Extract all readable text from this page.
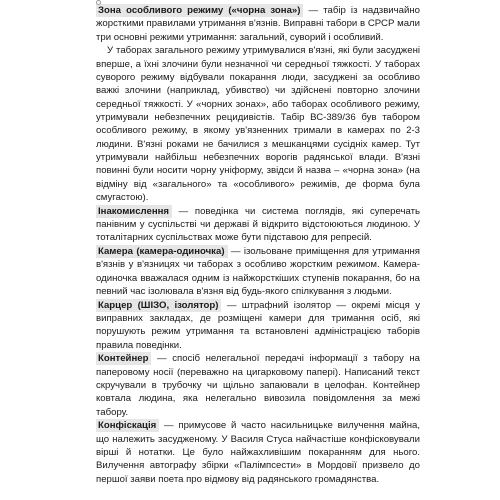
Зона особливого режиму («чорна зона») — табір із надзвичайно жорсткими правилами утримання в'язнів. Виправні табори в СРСР мали три основні режими утримання: загальний, суворий і особливий.

У таборах загального режиму утримувалися в'язні, які були засуджені вперше, а їхні злочини були незначної чи середньої тяжкості. У таборах суворого режиму відбували покарання люди, засуджені за особливо важкі злочини (наприклад, убивство) чи здійснені повторно злочини середньої тяжкості. У «чорних зонах», або таборах особливого режиму, утримували небезпечних рецидивістів. Табір ВС-389/36 був табором особливого режиму, в якому ув'язненних тримали в камерах по 2-3 людини. В'язні роками не бачилися з мешканцями сусідніх камер. Тут утримували найбільш небезпечних ворогів радянської влади. В'язні повинні були носити чорну уніформу, звідси й назва – «чорна зона» (на відміну від «загального» та «особливого» режимів, де форма була смугастою).

Інакомислення — поведінка чи система поглядів, які суперечать панівним у суспільстві чи державі й відкрито відстоюються людиною. У тоталітарних суспільствах може бути підставою для репресій.

Камера (камера-одиночка) — ізольоване приміщення для утримання в'язнів у в'язницях чи таборах з особливо жорстким режимом. Камера-одиночка вважалася одним із найжорсткіших ступенів покарання, бо на певний час ізолювала в'язня від будь-якого спілкування з людьми.

Карцер (ШІЗО, ізолятор) — штрафний ізолятор — окремі місця у виправних закладах, де розміщені камери для тримання осіб, які порушують режим утримання та встановлені адміністрацією таборів правила поведінки.

Контейнер — спосіб нелегальної передачі інформації з табору на паперовому носії (переважно на цигарковому папері). Написаний текст скручували в трубочку чи щільно запаювали в целофан. Контейнер ковтала людина, яка нелегально вивозила повідомлення за межі табору.

Конфіскація — примусове й часто насильницьке вилучення майна, що належить засудженому. У Василя Стуса найчастіше конфісковували вірші й нотатки. Це було найжахливішим покаранням для нього. Вилучення автографу збірки «Палімпсести» в Мордовії призвело до першої заяви поета про відмову від радянського громадянства.
